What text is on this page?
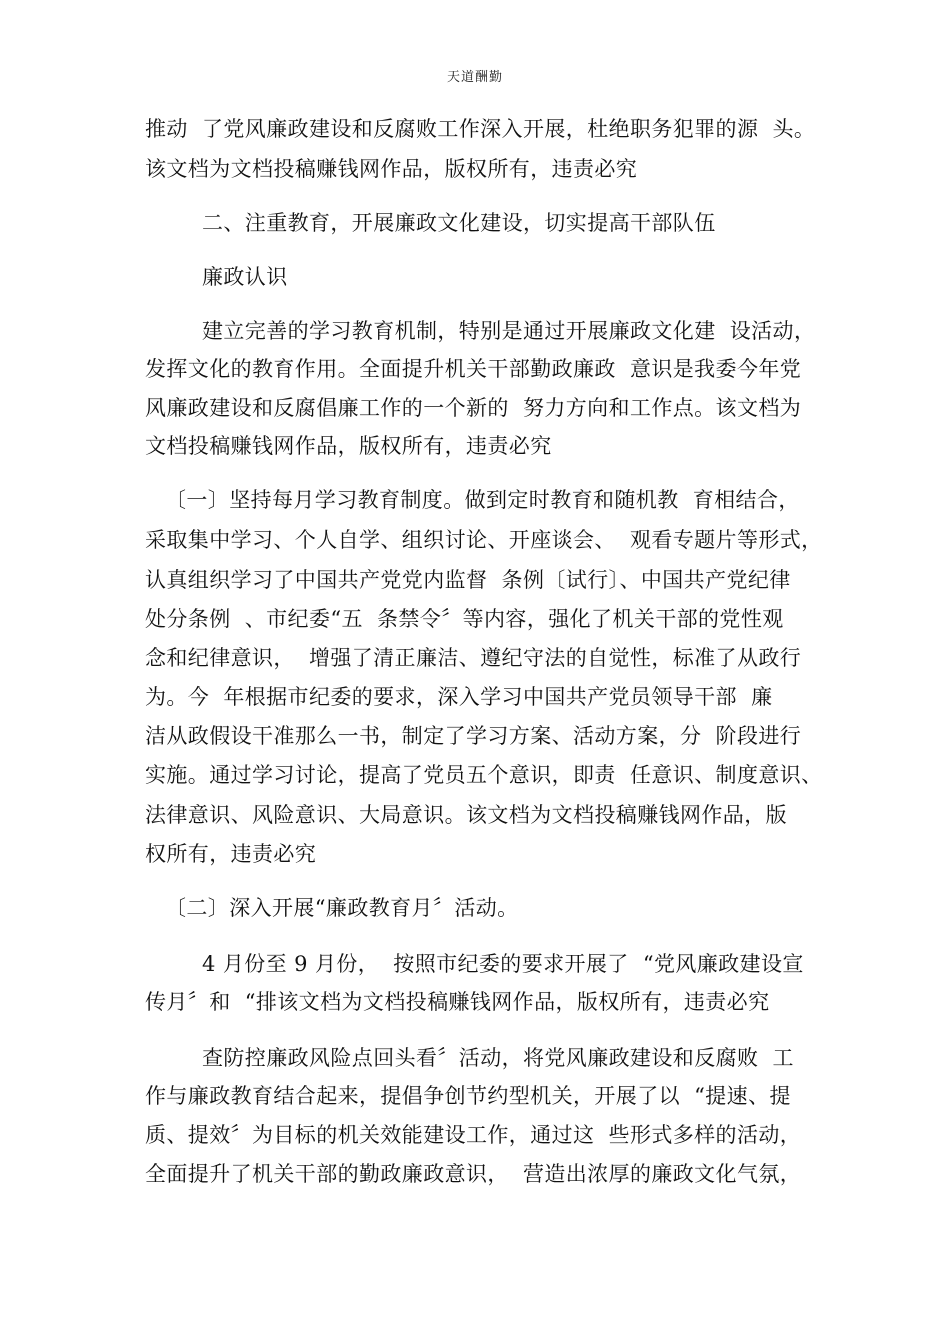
天道酬勤
推动  了党风廉政建设和反腐败工作深入开展，杜绝职务犯罪的源  头。
该文档为文档投稿赚钱网作品，版权所有，违责必究
二、注重教育，开展廉政文化建设，切实提高干部队伍
廉政认识
建立完善的学习教育机制，特别是通过开展廉政文化建  设活动，
发挥文化的教育作用。全面提升机关干部勤政廉政  意识是我委今年党
风廉政建设和反腐倡廉工作的一个新的  努力方向和工作点。该文档为
文档投稿赚钱网作品，版权所有，违责必究
〔一〕坚持每月学习教育制度。做到定时教育和随机教  育相结合，
采取集中学习、个人自学、组织讨论、开座谈会、  观看专题片等形式，
认真组织学习了中国共产党党内监督  条例〔试行〕、中国共产党纪律
处分条例  、市纪委“五  条禁令〞等内容，强化了机关干部的党性观
念和纪律意识，  增强了清正廉洁、遵纪守法的自觉性，标准了从政行
为。今  年根据市纪委的要求，深入学习中国共产党员领导干部  廉
洁从政假设干准那么一书，制定了学习方案、活动方案，分  阶段进行
实施。通过学习讨论，提高了党员五个意识，即责  任意识、制度意识、
法律意识、风险意识、大局意识。该文档为文档投稿赚钱网作品，版
权所有，违责必究
〔二〕深入开展“廉政教育月〞活动。
4 月份至 9 月份，  按照市纪委的要求开展了  “党风廉政建设宣
传月〞和  “排该文档为文档投稿赚钱网作品，版权所有，违责必究
查防控廉政风险点回头看〞活动，将党风廉政建设和反腐败  工
作与廉政教育结合起来，提倡争创节约型机关，开展了以  “提速、提
质、提效〞为目标的机关效能建设工作，通过这  些形式多样的活动，
全面提升了机关干部的勤政廉政意识，  营造出浓厚的廉政文化气氛，
